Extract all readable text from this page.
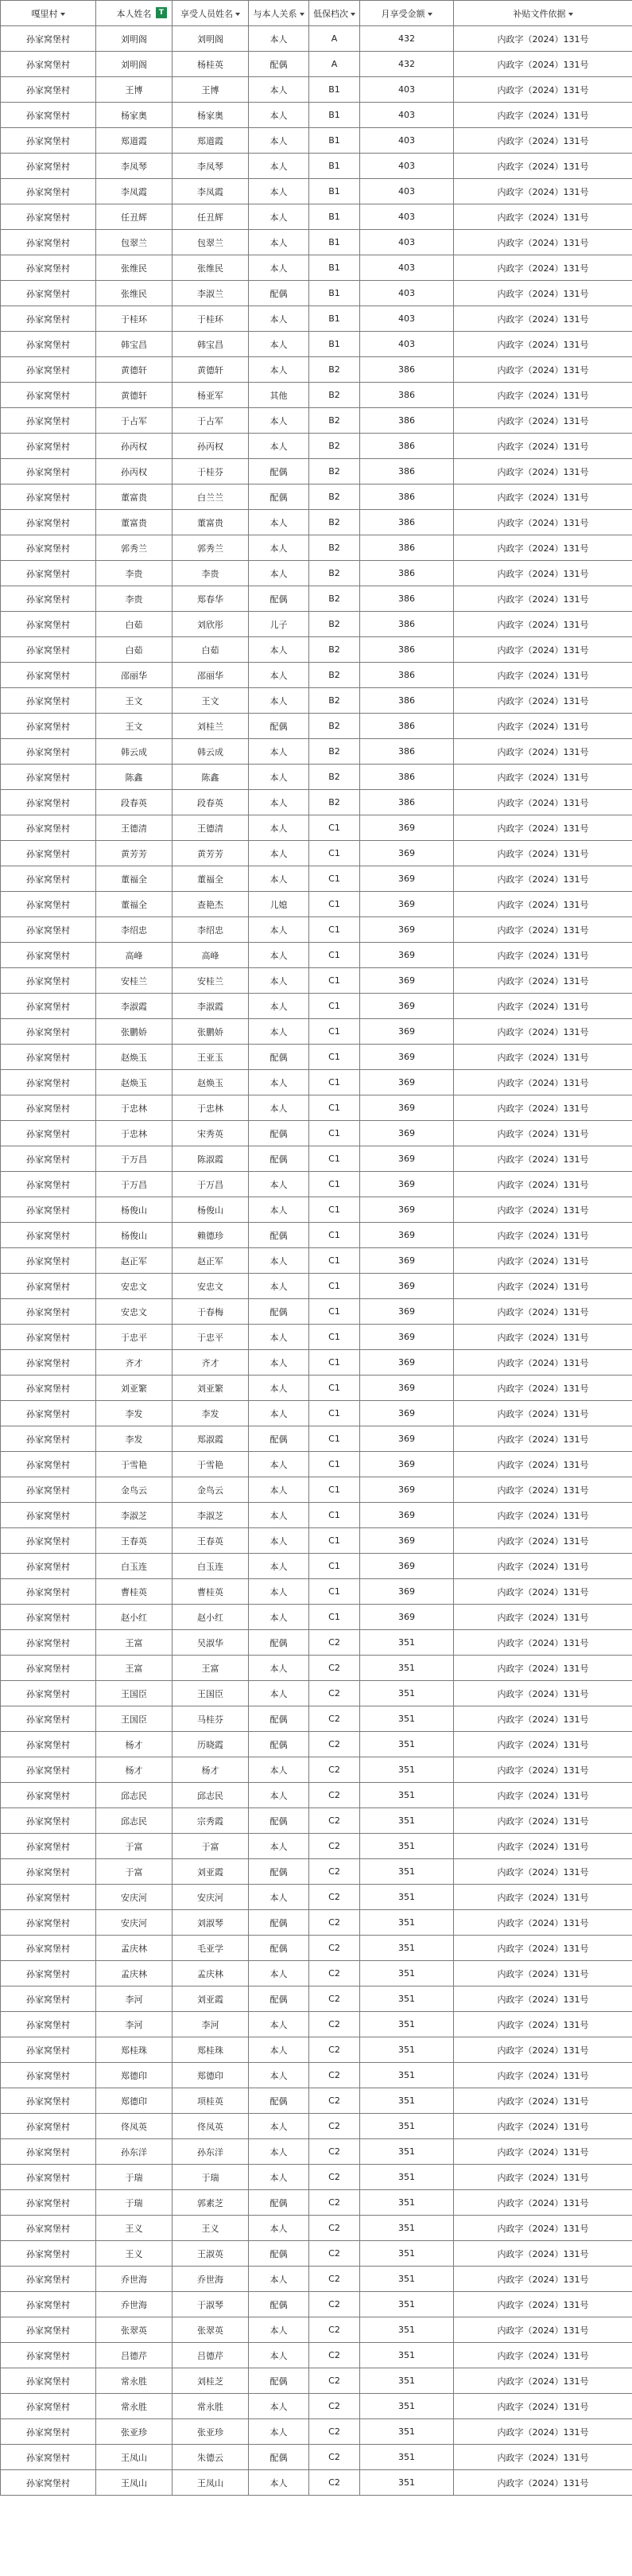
嘎里村	本人姓名 T	享受人员姓名	与本人关系	低保档次	月享受金额	补贴文件依据
孙家窝堡村	刘明阁	刘明阁	本人	A	432	内政字（2024）131号
孙家窝堡村	刘明阁	杨桂英	配偶	A	432	内政字（2024）131号
孙家窝堡村	王博	王博	本人	B1	403	内政字（2024）131号
孙家窝堡村	杨家奥	杨家奥	本人	B1	403	内政字（2024）131号
孙家窝堡村	郑道霞	郑道霞	本人	B1	403	内政字（2024）131号
孙家窝堡村	李凤琴	李凤琴	本人	B1	403	内政字（2024）131号
孙家窝堡村	李凤霞	李凤霞	本人	B1	403	内政字（2024）131号
孙家窝堡村	任丑辉	任丑辉	本人	B1	403	内政字（2024）131号
孙家窝堡村	包翠兰	包翠兰	本人	B1	403	内政字（2024）131号
孙家窝堡村	张维民	张维民	本人	B1	403	内政字（2024）131号
孙家窝堡村	张维民	李淑兰	配偶	B1	403	内政字（2024）131号
孙家窝堡村	于桂环	于桂环	本人	B1	403	内政字（2024）131号
孙家窝堡村	韩宝昌	韩宝昌	本人	B1	403	内政字（2024）131号
孙家窝堡村	黄德轩	黄德轩	本人	B2	386	内政字（2024）131号
孙家窝堡村	黄德轩	杨亚军	其他	B2	386	内政字（2024）131号
孙家窝堡村	于占军	于占军	本人	B2	386	内政字（2024）131号
孙家窝堡村	孙丙权	孙丙权	本人	B2	386	内政字（2024）131号
孙家窝堡村	孙丙权	于桂芬	配偶	B2	386	内政字（2024）131号
孙家窝堡村	董富贵	白兰兰	配偶	B2	386	内政字（2024）131号
孙家窝堡村	董富贵	董富贵	本人	B2	386	内政字（2024）131号
孙家窝堡村	郭秀兰	郭秀兰	本人	B2	386	内政字（2024）131号
孙家窝堡村	李贵	李贵	本人	B2	386	内政字（2024）131号
孙家窝堡村	李贵	郑春华	配偶	B2	386	内政字（2024）131号
孙家窝堡村	白茹	刘欣彤	儿子	B2	386	内政字（2024）131号
孙家窝堡村	白茹	白茹	本人	B2	386	内政字（2024）131号
孙家窝堡村	邵丽华	邵丽华	本人	B2	386	内政字（2024）131号
孙家窝堡村	王文	王文	本人	B2	386	内政字（2024）131号
孙家窝堡村	王文	刘桂兰	配偶	B2	386	内政字（2024）131号
孙家窝堡村	韩云成	韩云成	本人	B2	386	内政字（2024）131号
孙家窝堡村	陈鑫	陈鑫	本人	B2	386	内政字（2024）131号
孙家窝堡村	段春英	段春英	本人	B2	386	内政字（2024）131号
孙家窝堡村	王德清	王德清	本人	C1	369	内政字（2024）131号
孙家窝堡村	黄芳芳	黄芳芳	本人	C1	369	内政字（2024）131号
孙家窝堡村	董福全	董福全	本人	C1	369	内政字（2024）131号
孙家窝堡村	董福全	查艳杰	儿媳	C1	369	内政字（2024）131号
孙家窝堡村	李绍忠	李绍忠	本人	C1	369	内政字（2024）131号
孙家窝堡村	高峰	高峰	本人	C1	369	内政字（2024）131号
孙家窝堡村	安桂兰	安桂兰	本人	C1	369	内政字（2024）131号
孙家窝堡村	李淑霞	李淑霞	本人	C1	369	内政字（2024）131号
孙家窝堡村	张鹏娇	张鹏娇	本人	C1	369	内政字（2024）131号
孙家窝堡村	赵焕玉	王亚玉	配偶	C1	369	内政字（2024）131号
孙家窝堡村	赵焕玉	赵焕玉	本人	C1	369	内政字（2024）131号
孙家窝堡村	于忠林	于忠林	本人	C1	369	内政字（2024）131号
孙家窝堡村	于忠林	宋秀英	配偶	C1	369	内政字（2024）131号
孙家窝堡村	于万昌	陈淑霞	配偶	C1	369	内政字（2024）131号
孙家窝堡村	于万昌	于万昌	本人	C1	369	内政字（2024）131号
孙家窝堡村	杨俊山	杨俊山	本人	C1	369	内政字（2024）131号
孙家窝堡村	杨俊山	赖德珍	配偶	C1	369	内政字（2024）131号
孙家窝堡村	赵正军	赵正军	本人	C1	369	内政字（2024）131号
孙家窝堡村	安忠文	安忠文	本人	C1	369	内政字（2024）131号
孙家窝堡村	安忠文	于春梅	配偶	C1	369	内政字（2024）131号
孙家窝堡村	于忠平	于忠平	本人	C1	369	内政字（2024）131号
孙家窝堡村	齐才	齐才	本人	C1	369	内政字（2024）131号
孙家窝堡村	刘亚繁	刘亚繁	本人	C1	369	内政字（2024）131号
孙家窝堡村	李发	李发	本人	C1	369	内政字（2024）131号
孙家窝堡村	李发	郑淑霞	配偶	C1	369	内政字（2024）131号
孙家窝堡村	于雪艳	于雪艳	本人	C1	369	内政字（2024）131号
孙家窝堡村	金鸟云	金鸟云	本人	C1	369	内政字（2024）131号
孙家窝堡村	李淑芝	李淑芝	本人	C1	369	内政字（2024）131号
孙家窝堡村	王春英	王春英	本人	C1	369	内政字（2024）131号
孙家窝堡村	白玉连	白玉连	本人	C1	369	内政字（2024）131号
孙家窝堡村	曹桂英	曹桂英	本人	C1	369	内政字（2024）131号
孙家窝堡村	赵小红	赵小红	本人	C1	369	内政字（2024）131号
孙家窝堡村	王富	吴淑华	配偶	C2	351	内政字（2024）131号
孙家窝堡村	王富	王富	本人	C2	351	内政字（2024）131号
孙家窝堡村	王国臣	王国臣	本人	C2	351	内政字（2024）131号
孙家窝堡村	王国臣	马桂芬	配偶	C2	351	内政字（2024）131号
孙家窝堡村	杨才	历晓霞	配偶	C2	351	内政字（2024）131号
孙家窝堡村	杨才	杨才	本人	C2	351	内政字（2024）131号
孙家窝堡村	邱志民	邱志民	本人	C2	351	内政字（2024）131号
孙家窝堡村	邱志民	宗秀霞	配偶	C2	351	内政字（2024）131号
孙家窝堡村	于富	于富	本人	C2	351	内政字（2024）131号
孙家窝堡村	于富	刘亚霞	配偶	C2	351	内政字（2024）131号
孙家窝堡村	安庆河	安庆河	本人	C2	351	内政字（2024）131号
孙家窝堡村	安庆河	刘淑琴	配偶	C2	351	内政字（2024）131号
孙家窝堡村	孟庆林	毛亚学	配偶	C2	351	内政字（2024）131号
孙家窝堡村	孟庆林	孟庆林	本人	C2	351	内政字（2024）131号
孙家窝堡村	李河	刘亚霞	配偶	C2	351	内政字（2024）131号
孙家窝堡村	李河	李河	本人	C2	351	内政字（2024）131号
孙家窝堡村	郑桂珠	郑桂珠	本人	C2	351	内政字（2024）131号
孙家窝堡村	郑德印	郑德印	本人	C2	351	内政字（2024）131号
孙家窝堡村	郑德印	项桂英	配偶	C2	351	内政字（2024）131号
孙家窝堡村	佟凤英	佟凤英	本人	C2	351	内政字（2024）131号
孙家窝堡村	孙东洋	孙东洋	本人	C2	351	内政字（2024）131号
孙家窝堡村	于瑞	于瑞	本人	C2	351	内政字（2024）131号
孙家窝堡村	于瑞	郭素芝	配偶	C2	351	内政字（2024）131号
孙家窝堡村	王义	王义	本人	C2	351	内政字（2024）131号
孙家窝堡村	王义	王淑英	配偶	C2	351	内政字（2024）131号
孙家窝堡村	乔世海	乔世海	本人	C2	351	内政字（2024）131号
孙家窝堡村	乔世海	于淑琴	配偶	C2	351	内政字（2024）131号
孙家窝堡村	张翠英	张翠英	本人	C2	351	内政字（2024）131号
孙家窝堡村	吕德芹	吕德芹	本人	C2	351	内政字（2024）131号
孙家窝堡村	常永胜	刘桂芝	配偶	C2	351	内政字（2024）131号
孙家窝堡村	常永胜	常永胜	本人	C2	351	内政字（2024）131号
孙家窝堡村	张亚珍	张亚珍	本人	C2	351	内政字（2024）131号
孙家窝堡村	王凤山	朱德云	配偶	C2	351	内政字（2024）131号
孙家窝堡村	王凤山	王凤山	本人	C2	351	内政字（2024）131号
